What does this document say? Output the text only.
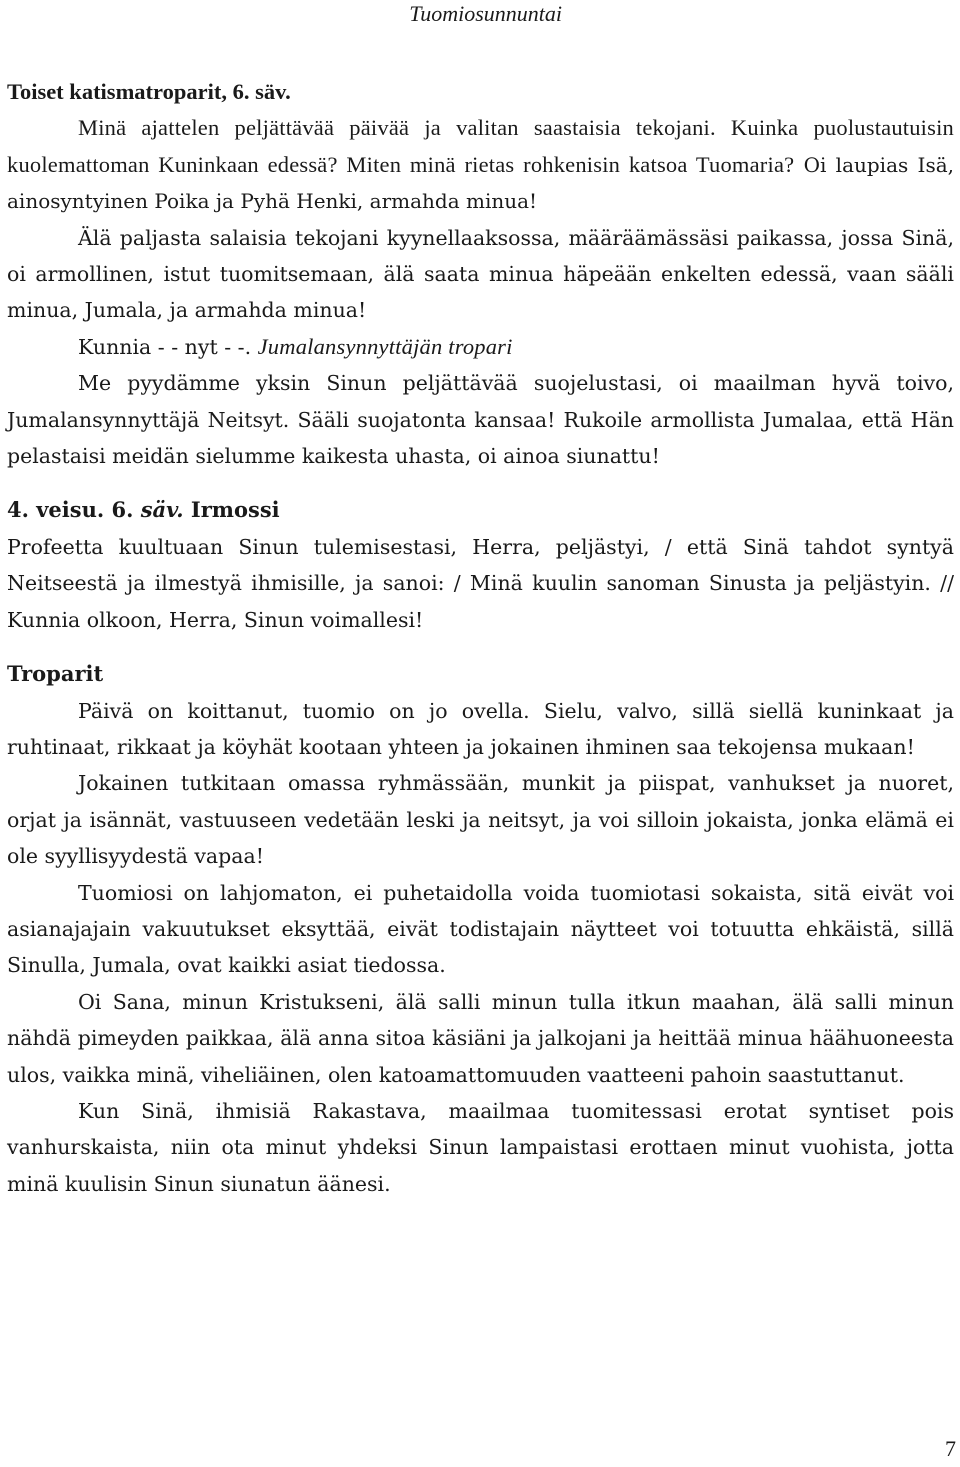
Tuomiosunnuntai
Toiset katismatroparit, 6. säv.

Minä ajattelen peljättävää päivää ja valitan saastaisia tekojani. Kuinka puolustautuisin kuolemattoman Kuninkaan edessä? Miten minä rietas rohkenisin katsoa Tuomaria? Oi laupias Isä, ainosyntyinen Poika ja Pyhä Henki, armahda minua!

Älä paljasta salaisia tekojani kyynellaaksossa, määräämässäsi paikassa, jossa Sinä, oi armollinen, istut tuomitsemaan, älä saata minua häpeään enkelten edessä, vaan sääli minua, Jumala, ja armahda minua!

Kunnia - - nyt - -. Jumalansynnyttäjän tropari

Me pyydämme yksin Sinun peljättävää suojelustasi, oi maailman hyvä toivo, Jumalansynnyttäjä Neitsyt. Sääli suojatonta kansaa! Rukoile armollista Jumalaa, että Hän pelastaisi meidän sielumme kaikesta uhasta, oi ainoa siunattu!

4. veisu. 6. säv. Irmossi

Profeetta kuultuaan Sinun tulemisestasi, Herra, peljästyi, / että Sinä tahdot syntyä Neitseestä ja ilmestyä ihmisille, ja sanoi: / Minä kuulin sanoman Sinusta ja peljästyin. // Kunnia olkoon, Herra, Sinun voimallesi!

Troparit

Päivä on koittanut, tuomio on jo ovella. Sielu, valvo, sillä siellä kuninkaat ja ruhtinaat, rikkaat ja köyhät kootaan yhteen ja jokainen ihminen saa tekojensa mukaan!

Jokainen tutkitaan omassa ryhmässään, munkit ja piispat, vanhukset ja nuoret, orjat ja isännät, vastuuseen vedetään leski ja neitsyt, ja voi silloin jokaista, jonka elämä ei ole syyllisyydestä vapaa!

Tuomiosi on lahjomaton, ei puhetaidolla voida tuomiotasi sokaista, sitä eivät voi asianajajain vakuutukset eksyttää, eivät todistajain näytteet voi totuutta ehkäistä, sillä Sinulla, Jumala, ovat kaikki asiat tiedossa.

Oi Sana, minun Kristukseni, älä salli minun tulla itkun maahan, älä salli minun nähdä pimeyden paikkaa, älä anna sitoa käsiäni ja jalkojani ja heittää minua häähuoneesta ulos, vaikka minä, viheliäinen, olen katoamattomuuden vaatteeni pahoin saastuttanut.

Kun Sinä, ihmisiä Rakastava, maailmaa tuomitessasi erotat syntiset pois vanhurskaista, niin ota minut yhdeksi Sinun lampaistasi erottaen minut vuohista, jotta minä kuulisin Sinun siunatun äänesi.

7
